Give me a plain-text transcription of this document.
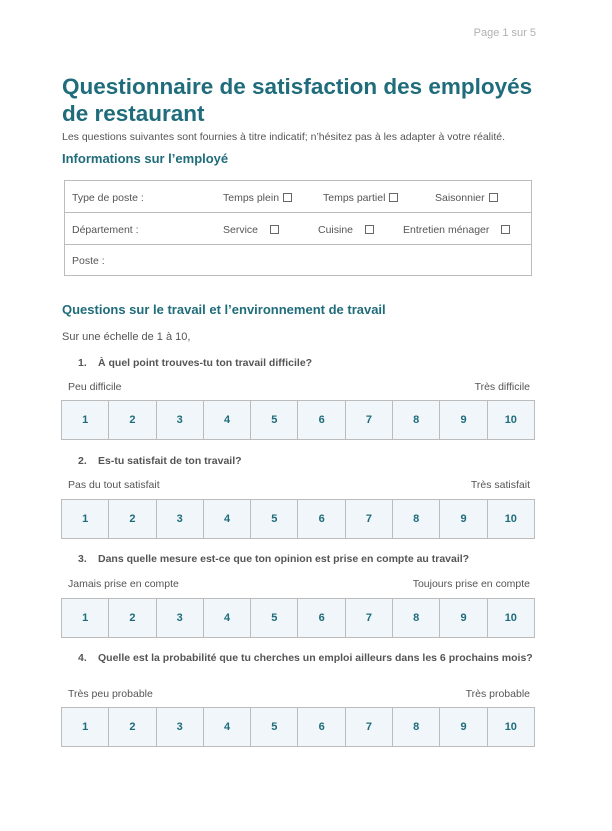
Page 1 sur 5
Questionnaire de satisfaction des employés de restaurant

Les questions suivantes sont fournies à titre indicatif; n’hésitez pas à les adapter à votre réalité.

Informations sur l’employé
Type de poste :	Temps plein	Temps partiel	Saisonnier
Département :	Service	Cuisine	Entretien ménager
Poste :
Questions sur le travail et l’environnement de travail

Sur une échelle de 1 à 10,

1. À quel point trouves-tu ton travail difficile?
Peu difficile	Très difficile
1	2	3	4	5	6	7	8	9	10
2. Es-tu satisfait de ton travail?
Pas du tout satisfait	Très satisfait
1	2	3	4	5	6	7	8	9	10
3. Dans quelle mesure est-ce que ton opinion est prise en compte au travail?
Jamais prise en compte	Toujours prise en compte
1	2	3	4	5	6	7	8	9	10
4. Quelle est la probabilité que tu cherches un emploi ailleurs dans les 6 prochains mois?
Très peu probable	Très probable
1	2	3	4	5	6	7	8	9	10
